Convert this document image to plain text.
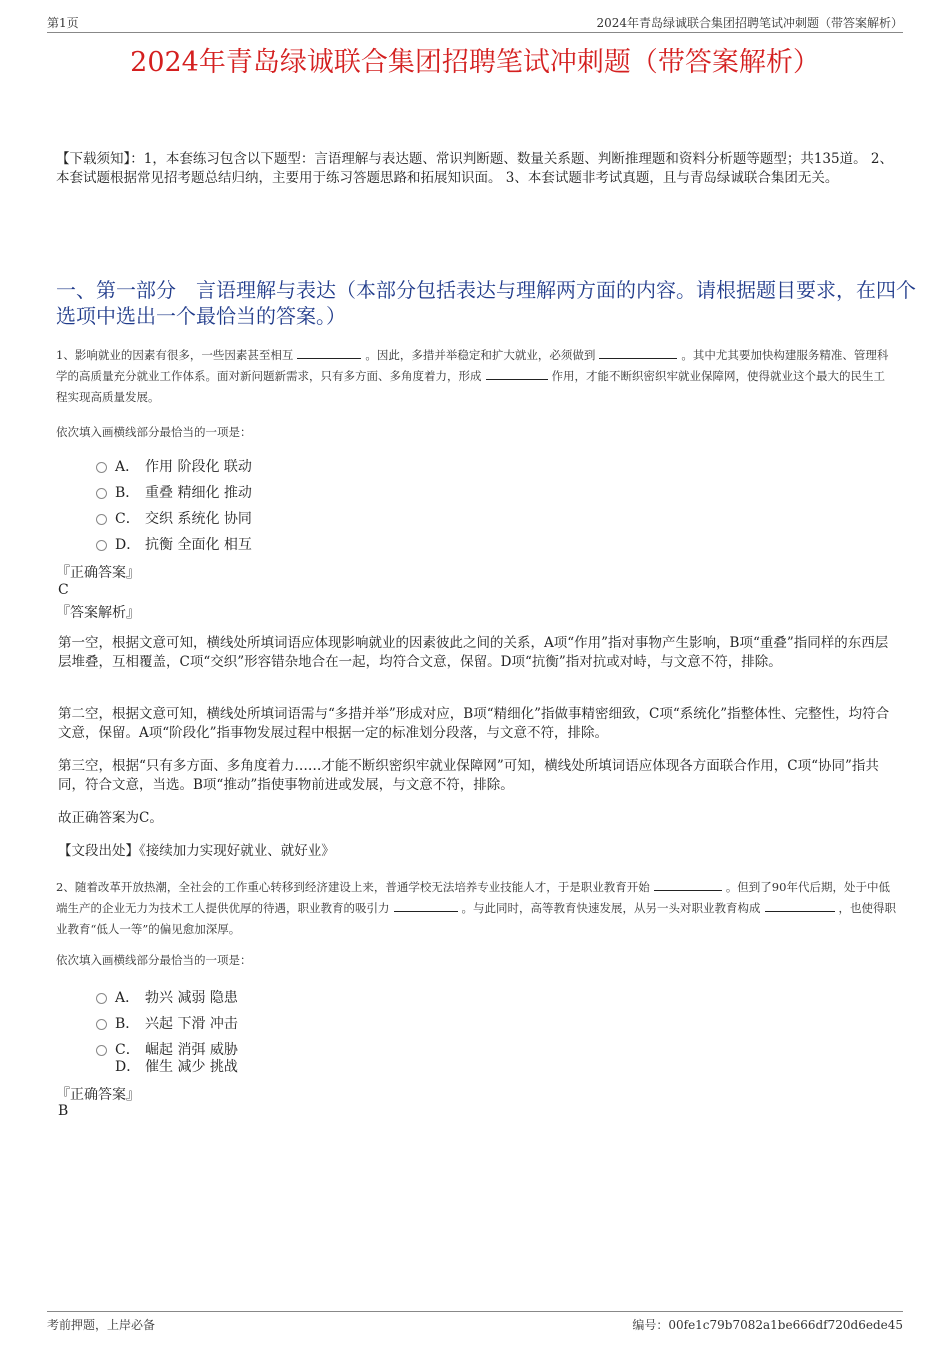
第1页	2024年青岛绿诚联合集团招聘笔试冲刺题（带答案解析）
2024年青岛绿诚联合集团招聘笔试冲刺题（带答案解析）
【下载须知】：1，本套练习包含以下题型：言语理解与表达题、常识判断题、数量关系题、判断推理题和资料分析题等题型；共135道。 2、本套试题根据常见招考题总结归纳，主要用于练习答题思路和拓展知识面。 3、本套试题非考试真题，且与青岛绿诚联合集团无关。
一、第一部分　言语理解与表达（本部分包括表达与理解两方面的内容。请根据题目要求，在四个选项中选出一个最恰当的答案。）
1、影响就业的因素有很多，一些因素甚至相互	。因此，多措并举稳定和扩大就业，必须做到	。其中尤其要加快构建服务精准、管理科学的高质量充分就业工作体系。面对新问题新需求，只有多方面、多角度着力，形成	作用，才能不断织密织牢就业保障网，使得就业这个最大的民生工程实现高质量发展。
依次填入画横线部分最恰当的一项是：
A． 作用 阶段化 联动
B． 重叠 精细化 推动
C． 交织 系统化 协同
D． 抗衡 全面化 相互
『正确答案』
C
『答案解析』
第一空，根据文意可知，横线处所填词语应体现影响就业的因素彼此之间的关系，A项“作用”指对事物产生影响，B项“重叠”指同样的东西层层堆叠，互相覆盖，C项“交织”形容错杂地合在一起，均符合文意，保留。D项“抗衡”指对抗或对峙，与文意不符，排除。
第二空，根据文意可知，横线处所填词语需与“多措并举”形成对应，B项“精细化”指做事精密细致，C项“系统化”指整体性、完整性，均符合文意，保留。A项“阶段化”指事物发展过程中根据一定的标准划分段落，与文意不符，排除。
第三空，根据“只有多方面、多角度着力……才能不断织密织牢就业保障网”可知，横线处所填词语应体现各方面联合作用，C项“协同”指共同，符合文意，当选。B项“推动”指使事物前进或发展，与文意不符，排除。
故正确答案为C。
【文段出处】《接续加力实现好就业、就好业》
2、随着改革开放热潮，全社会的工作重心转移到经济建设上来，普通学校无法培养专业技能人才，于是职业教育开始	。但到了90年代后期，处于中低端生产的企业无力为技术工人提供优厚的待遇，职业教育的吸引力	。与此同时，高等教育快速发展，从另一头对职业教育构成	，也使得职业教育“低人一等”的偏见愈加深厚。
依次填入画横线部分最恰当的一项是：
A． 勃兴 减弱 隐患
B． 兴起 下滑 冲击
C． 崛起 消弭 威胁
D． 催生 减少 挑战
『正确答案』
B
考前押题，上岸必备	编号：00fe1c79b7082a1be666df720d6ede45
